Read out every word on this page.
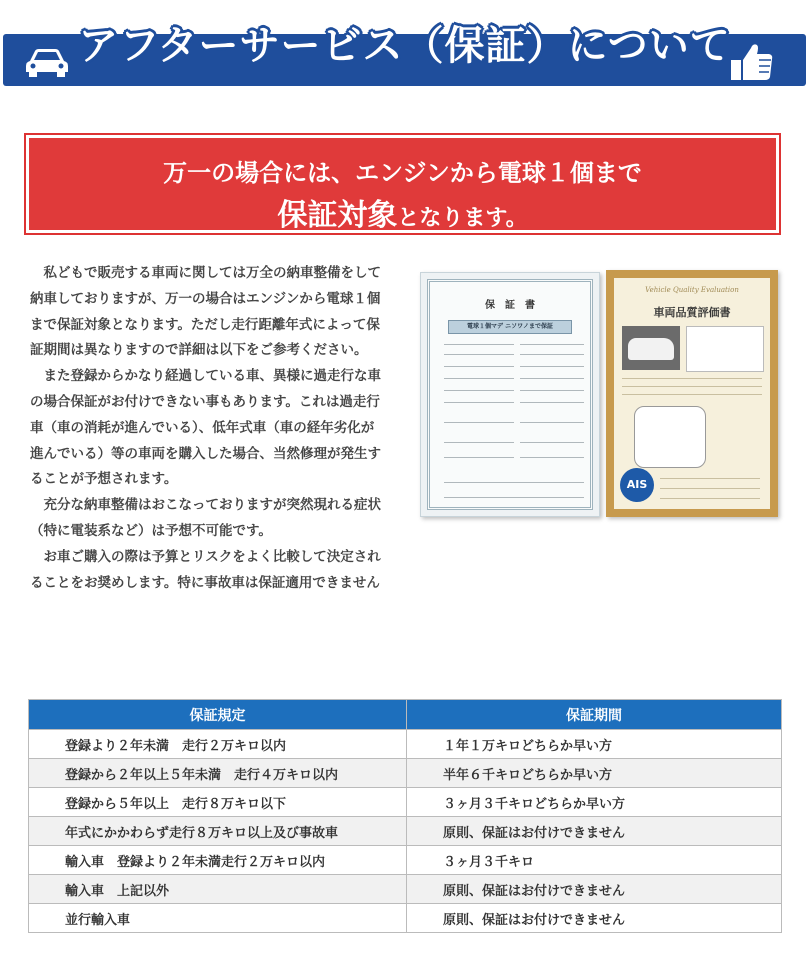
アフターサービス（保証）について
万一の場合には、エンジンから電球１個まで
保証対象となります。

私どもで販売する車両に関しては万全の納車整備をして納車しておりますが、万一の場合はエンジンから電球１個まで保証対象となります。ただし走行距離年式によって保証期間は異なりますので詳細は以下をご参考ください。

また登録からかなり経過している車、異様に過走行な車の場合保証がお付けできない事もあります。これは過走行車（車の消耗が進んでいる）、低年式車（車の経年劣化が進んでいる）等の車両を購入した場合、当然修理が発生することが予想されます。

充分な納車整備はおこなっておりますが突然現れる症状（特に電装系など）は予想不可能です。

お車ご購入の際は予算とリスクをよく比較して決定されることをお奨めします。特に事故車は保証適用できません

保　証　書
電球１個マデ ニソワノまで保証
Vehicle Quality Evaluation
車両品質評価書
AIS
保証規定	保証期間
登録より２年未満　走行２万キロ以内	１年１万キロどちらか早い方
登録から２年以上５年未満　走行４万キロ以内	半年６千キロどちらか早い方
登録から５年以上　走行８万キロ以下	３ヶ月３千キロどちらか早い方
年式にかかわらず走行８万キロ以上及び事故車	原則、保証はお付けできません
輸入車　登録より２年未満走行２万キロ以内	３ヶ月３千キロ
輸入車　上記以外	原則、保証はお付けできません
並行輸入車	原則、保証はお付けできません
